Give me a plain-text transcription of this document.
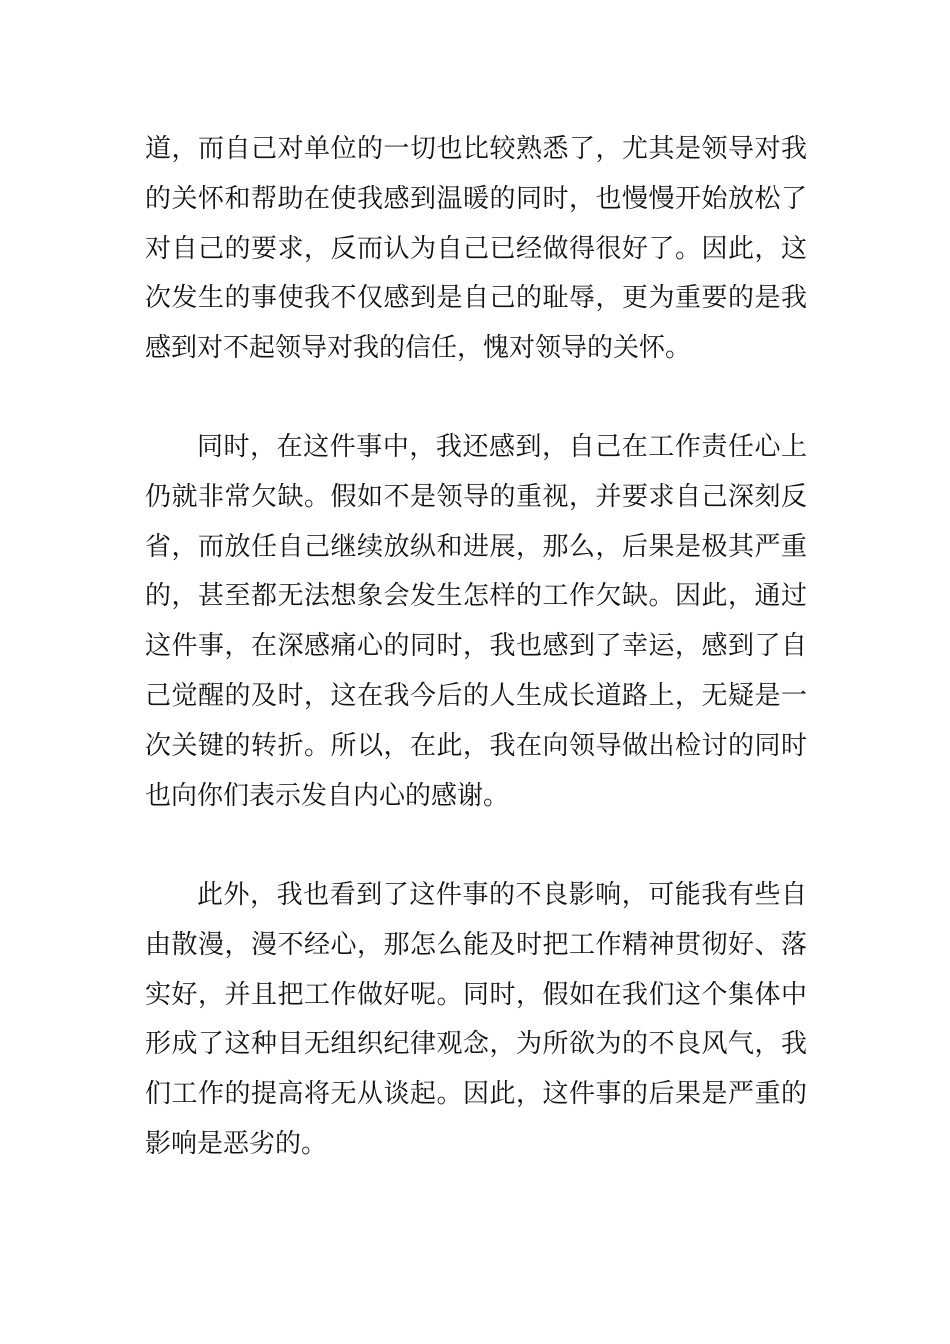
道，而自己对单位的一切也比较熟悉了，尤其是领导对我的关怀和帮助在使我感到温暖的同时，也慢慢开始放松了对自己的要求，反而认为自己已经做得很好了。因此，这次发生的事使我不仅感到是自己的耻辱，更为重要的是我感到对不起领导对我的信任，愧对领导的关怀。

同时，在这件事中，我还感到，自己在工作责任心上仍就非常欠缺。假如不是领导的重视，并要求自己深刻反省，而放任自己继续放纵和进展，那么，后果是极其严重的，甚至都无法想象会发生怎样的工作欠缺。因此，通过这件事，在深感痛心的同时，我也感到了幸运，感到了自己觉醒的及时，这在我今后的人生成长道路上，无疑是一次关键的转折。所以，在此，我在向领导做出检讨的同时也向你们表示发自内心的感谢。

此外，我也看到了这件事的不良影响，可能我有些自由散漫，漫不经心，那怎么能及时把工作精神贯彻好、落实好，并且把工作做好呢。同时，假如在我们这个集体中形成了这种目无组织纪律观念，为所欲为的不良风气，我们工作的提高将无从谈起。因此，这件事的后果是严重的影响是恶劣的。
